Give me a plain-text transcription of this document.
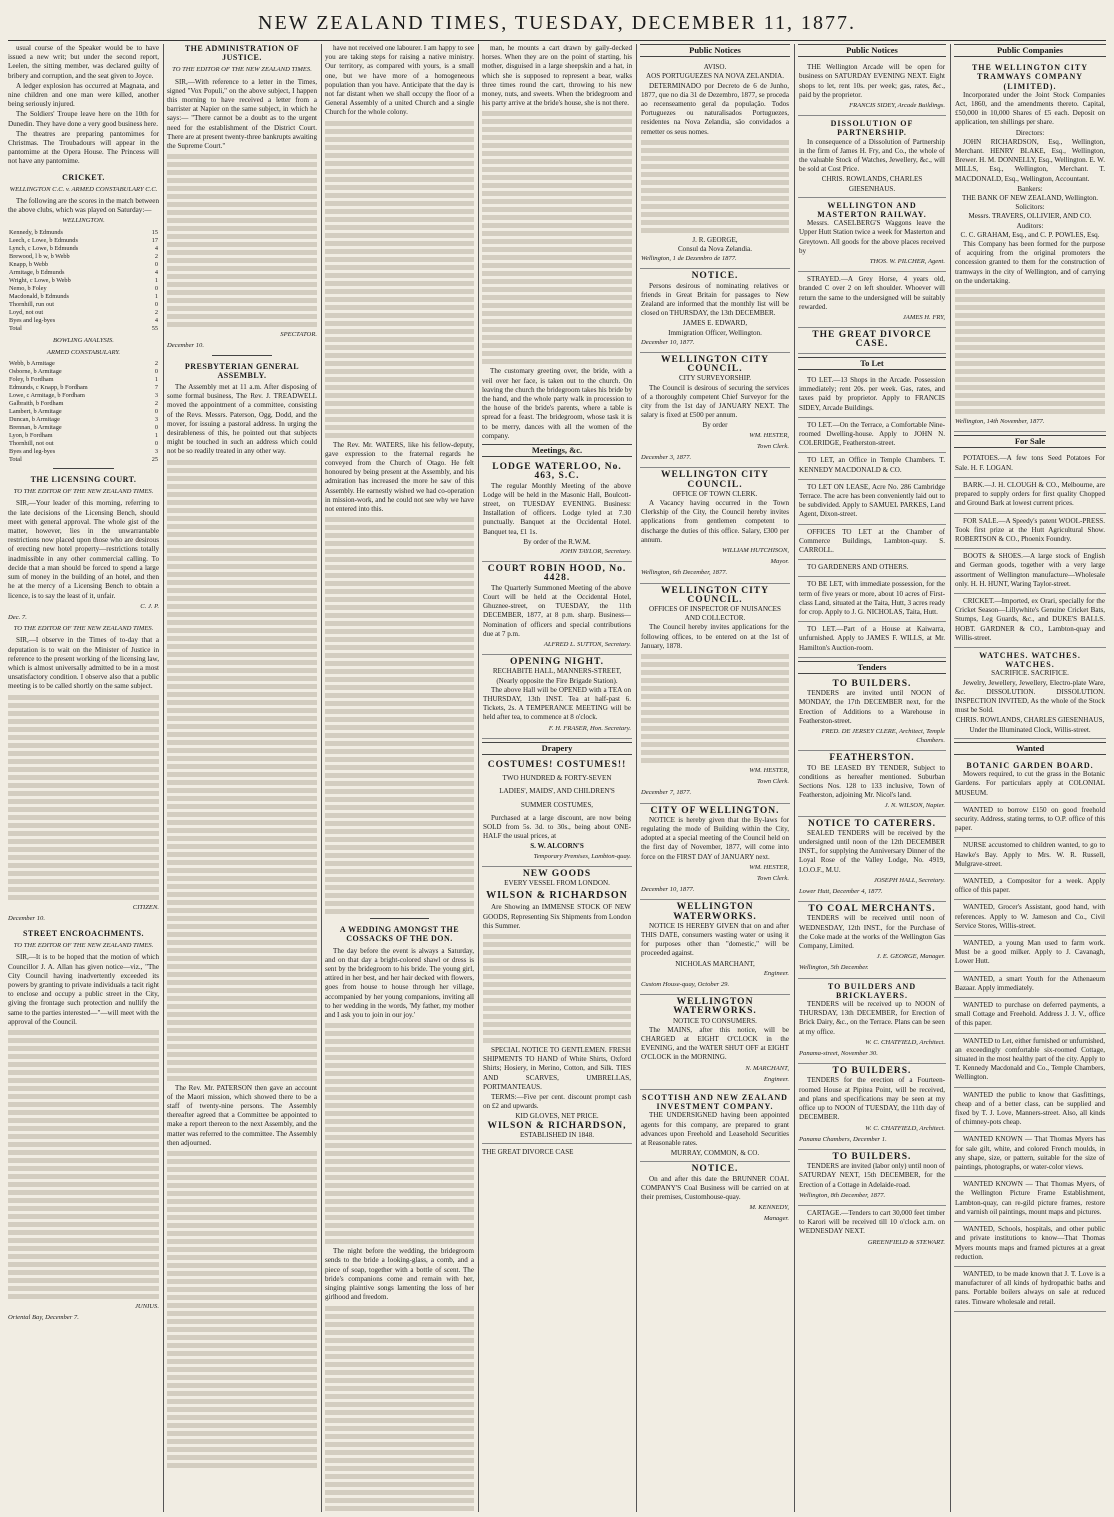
NEW ZEALAND TIMES, TUESDAY, DECEMBER 11, 1877.

usual course of the Speaker would be to have issued a new writ; but under the second report, Leelen, the sitting member, was declared guilty of bribery and corruption, and the seat given to Joyce.

A ledger explosion has occurred at Magnata, and nine children and one man were killed, another being seriously injured.

The Soldiers' Troupe leave here on the 10th for Dunedin. They have done a very good business here.

The theatres are preparing pantomimes for Christmas. The Troubadours will appear in the pantomime at the Opera House. The Princess will not have any pantomime.

CRICKET.
WELLINGTON C.C. v. ARMED CONSTABULARY C.C.

The following are the scores in the match between the above clubs, which was played on Saturday:—

WELLINGTON.
Kennedy, b Edmunds	15
Leech, c Lowe, b Edmunds	17
Lynch, c Lowe, b Edmunds	4
Brewood, l b w, b Webb	2
Knapp, b Webb	0
Armitage, b Edmunds	4
Wright, c Lowe, b Webb	1
Nemo, b Foley	0
Macdonald, b Edmunds	1
Thornhill, run out	0
Loyd, not out	2
Byes and leg-byes	4
Total	55
BOWLING ANALYSIS.
ARMED CONSTABULARY.
Webb, b Armitage	2
Osborne, b Armitage	0
Foley, b Fordham	1
Edmunds, c Knapp, b Fordham	7
Lowe, c Armitage, b Fordham	3
Galbraith, b Fordham	2
Lambert, b Armitage	0
Duncan, b Armitage	3
Brennan, b Armitage	0
Lyon, b Fordham	1
Thornhill, not out	0
Byes and leg-byes	3
Total	25
THE LICENSING COURT.
TO THE EDITOR OF THE NEW ZEALAND TIMES.

SIR,—Your leader of this morning, referring to the late decisions of the Licensing Bench, should meet with general approval. The whole gist of the matter, however, lies in the unwarrantable restrictions now placed upon those who are desirous of erecting new hotel property—restrictions totally inadmissible in any other commercial calling. To decide that a man should be forced to spend a large sum of money in the building of an hotel, and then he at the mercy of a Licensing Bench to obtain a licence, is to say the least of it, unfair.

C. J. P.
Dec. 7.
TO THE EDITOR OF THE NEW ZEALAND TIMES.

SIR,—I observe in the Times of to-day that a deputation is to wait on the Minister of Justice in reference to the present working of the licensing law, which is almost universally admitted to be in a most unsatisfactory condition. I observe also that a public meeting is to be called shortly on the same subject.

CITIZEN.
December 10.
STREET ENCROACHMENTS.
TO THE EDITOR OF THE NEW ZEALAND TIMES.

SIR,—It is to be hoped that the motion of which Councillor J. A. Allan has given notice—viz., "The City Council having inadvertently exceeded its powers by granting to private individuals a tacit right to enclose and occupy a public street in the City, giving the frontage such protection and nullify the same to the parties interested—"—will meet with the approval of the Council.

JUNIUS.
Oriental Bay, December 7.
THE ADMINISTRATION OF JUSTICE.
TO THE EDITOR OF THE NEW ZEALAND TIMES.

SIR,—With reference to a letter in the Times, signed "Vox Populi," on the above subject, I happen this morning to have received a letter from a barrister at Napier on the same subject, in which he says:— "There cannot be a doubt as to the urgent need for the establishment of the District Court. There are at present twenty-three bankrupts awaiting the Supreme Court."

SPECTATOR.
December 10.
PRESBYTERIAN GENERAL ASSEMBLY.

The Assembly met at 11 a.m. After disposing of some formal business, The Rev. J. TREADWELL moved the appointment of a committee, consisting of the Revs. Messrs. Paterson, Ogg, Dodd, and the mover, for issuing a pastoral address. In urging the desirableness of this, he pointed out that subjects might be touched in such an address which could not be so readily treated in any other way.

The Rev. Mr. PATERSON then gave an account of the Maori mission, which showed there to be a staff of twenty-nine persons. The Assembly thereafter agreed that a Committee be appointed to make a report thereon to the next Assembly, and the matter was referred to the committee. The Assembly then adjourned.

have not received one labourer. I am happy to see you are taking steps for raising a native ministry. Our territory, as compared with yours, is a small one, but we have more of a homogeneous population than you have. Anticipate that the day is not far distant when we shall occupy the floor of a General Assembly of a united Church and a single Church for the whole colony.

The Rev. Mr. WATERS, like his fellow-deputy, gave expression to the fraternal regards he conveyed from the Church of Otago. He felt honoured by being present at the Assembly, and his admiration has increased the more he saw of this Assembly. He earnestly wished we had co-operation in mission-work, and he could not see why we have not entered into this.

A WEDDING AMONGST THE COSSACKS OF THE DON.

The day before the event is always a Saturday, and on that day a bright-colored shawl or dress is sent by the bridegroom to his bride. The young girl, attired in her best, and her hair decked with flowers, goes from house to house through her village, accompanied by her young companions, inviting all to her wedding in the words, 'My father, my mother and I ask you to join in our joy.'

The night before the wedding, the bridegroom sends to the bride a looking-glass, a comb, and a piece of soap, together with a bottle of scent. The bride's companions come and remain with her, singing plaintive songs lamenting the loss of her girlhood and freedom.

man, he mounts a cart drawn by gaily-decked horses. When they are on the point of starting, his mother, disguised in a large sheepskin and a hat, in which she is supposed to represent a bear, walks three times round the cart, throwing to his new money, nuts, and sweets. When the bridegroom and his party arrive at the bride's house, she is not there.

The customary greeting over, the bride, with a veil over her face, is taken out to the church. On leaving the church the bridegroom takes his bride by the hand, and the whole party walk in procession to the house of the bride's parents, where a table is spread for a feast. The bridegroom, whose task it is to be merry, dances with all the women of the company.

Meetings, &c.
LODGE WATERLOO, No. 463, S.C.

The regular Monthly Meeting of the above Lodge will be held in the Masonic Hall, Boulcott-street, on TUESDAY EVENING. Business: Installation of officers. Lodge tyled at 7.30 punctually. Banquet at the Occidental Hotel. Banquet tea, £1 1s.

By order of the R.W.M.
JOHN TAYLOR, Secretary.
COURT ROBIN HOOD, No. 4428.

The Quarterly Summoned Meeting of the above Court will be held at the Occidental Hotel, Ghuznee-street, on TUESDAY, the 11th DECEMBER, 1877, at 8 p.m. sharp. Business—Nomination of officers and special contributions due at 7 p.m.

ALFRED L. SUTTON, Secretary.
OPENING NIGHT.
RECHABITE HALL, MANNERS-STREET,
(Nearly opposite the Fire Brigade Station).

The above Hall will be OPENED with a TEA on THURSDAY, 13th INST. Tea at half-past 6. Tickets, 2s. A TEMPERANCE MEETING will be held after tea, to commence at 8 o'clock.

F. H. FRASER, Hon. Secretary.
Drapery
COSTUMES! COSTUMES!!
TWO HUNDRED & FORTY-SEVEN
LADIES', MAIDS', AND CHILDREN'S
SUMMER COSTUMES,

Purchased at a large discount, are now being SOLD from 5s. 3d. to 30s., being about ONE-HALF the usual prices, at

S. W. ALCORN'S
Temporary Premises, Lambton-quay.
NEW GOODS
EVERY VESSEL FROM LONDON.
WILSON & RICHARDSON

Are Showing an IMMENSE STOCK OF NEW GOODS, Representing Six Shipments from London this Summer.

SPECIAL NOTICE TO GENTLEMEN. FRESH SHIPMENTS TO HAND of White Shirts, Oxford Shirts; Hosiery, in Merino, Cotton, and Silk. TIES AND SCARVES, UMBRELLAS, PORTMANTEAUS.

TERMS:—Five per cent. discount prompt cash on £2 and upwards.

KID GLOVES, NET PRICE.
WILSON & RICHARDSON,
ESTABLISHED IN 1848.
THE GREAT DIVORCE CASE
Public Notices
AVISO.
AOS PORTUGUEZES NA NOVA ZELANDIA.

DETERMINADO por Decreto de 6 de Junho, 1877, que no dia 31 de Dezembro, 1877, se proceda ao recenseamento geral da população. Todos Portuguezes ou naturalisados Portuguezes, residentes na Nova Zelandia, são convidados a remetter os seus nomes.

J. R. GEORGE,
Consul da Nova Zelandia.
Wellington, 1 de Dezembro de 1877.
NOTICE.

Persons desirous of nominating relatives or friends in Great Britain for passages to New Zealand are informed that the monthly list will be closed on THURSDAY, the 13th DECEMBER.

JAMES E. EDWARD,
Immigration Officer, Wellington.
December 10, 1877.
WELLINGTON CITY COUNCIL.
CITY SURVEYORSHIP.

The Council is desirous of securing the services of a thoroughly competent Chief Surveyor for the city from the 1st day of JANUARY NEXT. The salary is fixed at £500 per annum.

By order
WM. HESTER,
Town Clerk.
December 3, 1877.
WELLINGTON CITY COUNCIL.
OFFICE OF TOWN CLERK.

A Vacancy having occurred in the Town Clerkship of the City, the Council hereby invites applications from gentlemen competent to discharge the duties of this office. Salary, £300 per annum.

WILLIAM HUTCHISON,
Mayor.
Wellington, 6th December, 1877.
WELLINGTON CITY COUNCIL.
OFFICES OF INSPECTOR OF NUISANCES AND COLLECTOR.

The Council hereby invites applications for the following offices, to be entered on at the 1st of January, 1878.

WM. HESTER,
Town Clerk.
December 7, 1877.
CITY OF WELLINGTON.

NOTICE is hereby given that the By-laws for regulating the mode of Building within the City, adopted at a special meeting of the Council held on the first day of November, 1877, will come into force on the FIRST DAY of JANUARY next.

WM. HESTER,
Town Clerk.
December 10, 1877.
WELLINGTON WATERWORKS.

NOTICE IS HEREBY GIVEN that on and after THIS DATE, consumers wasting water or using it for purposes other than "domestic," will be proceeded against.

NICHOLAS MARCHANT,
Engineer.
Custom House-quay, October 29.
WELLINGTON WATERWORKS.
NOTICE TO CONSUMERS.

The MAINS, after this notice, will be CHARGED at EIGHT O'CLOCK in the EVENING, and the WATER SHUT OFF at EIGHT O'CLOCK in the MORNING.

N. MARCHANT,
Engineer.
SCOTTISH AND NEW ZEALAND INVESTMENT COMPANY.

THE UNDERSIGNED having been appointed agents for this company, are prepared to grant advances upon Freehold and Leasehold Securities at Reasonable rates.

MURRAY, COMMON, & CO.
NOTICE.

On and after this date the BRUNNER COAL COMPANY'S Coal Business will be carried on at their premises, Customhouse-quay.

M. KENNEDY,
Manager.
Public Notices

THE Wellington Arcade will be open for business on SATURDAY EVENING NEXT. Eight shops to let, rent 10s. per week; gas, rates, &c., paid by the proprietor.

FRANCIS SIDEY, Arcade Buildings.
DISSOLUTION OF PARTNERSHIP.

In consequence of a Dissolution of Partnership in the firm of James H. Fry, and Co., the whole of the valuable Stock of Watches, Jewellery, &c., will be sold at Cost Price.

CHRIS. ROWLANDS, CHARLES GIESENHAUS.
WELLINGTON AND MASTERTON RAILWAY.

Messrs. CASELBERG'S Waggons leave the Upper Hutt Station twice a week for Masterton and Greytown. All goods for the above places received by

THOS. W. PILCHER, Agent.

STRAYED.—A Grey Horse, 4 years old, branded C over 2 on left shoulder. Whoever will return the same to the undersigned will be suitably rewarded.

JAMES H. FRY,
THE GREAT DIVORCE CASE.
To Let

TO LET.—13 Shops in the Arcade. Possession immediately; rent 20s. per week. Gas, rates, and taxes paid by proprietor. Apply to FRANCIS SIDEY, Arcade Buildings.

TO LET.—On the Terrace, a Comfortable Nine-roomed Dwelling-house. Apply to JOHN N. COLERIDGE, Featherston-street.

TO LET, an Office in Temple Chambers. T. KENNEDY MACDONALD & CO.

TO LET ON LEASE, Acre No. 286 Cambridge Terrace. The acre has been conveniently laid out to be subdivided. Apply to SAMUEL PARKES, Land Agent, Dixon-street.

OFFICES TO LET at the Chamber of Commerce Buildings, Lambton-quay. S. CARROLL.

TO GARDENERS AND OTHERS.

TO BE LET, with immediate possession, for the term of five years or more, about 10 acres of First-class Land, situated at the Taita, Hutt, 3 acres ready for crop. Apply to J. G. NICHOLAS, Taita, Hutt.

TO LET.—Part of a House at Kaiwarra, unfurnished. Apply to JAMES F. WILLS, at Mr. Hamilton's Auction-room.

Tenders
TO BUILDERS.

TENDERS are invited until NOON of MONDAY, the 17th DECEMBER next, for the Erection of Additions to a Warehouse in Featherston-street.

FRED. DE JERSEY CLERE, Architect, Temple Chambers.
FEATHERSTON.

TO BE LEASED BY TENDER, Subject to conditions as hereafter mentioned. Suburban Sections Nos. 128 to 133 inclusive, Town of Featherston, adjoining Mr. Nicol's land.

J. N. WILSON, Napier.
NOTICE TO CATERERS.

SEALED TENDERS will be received by the undersigned until noon of the 12th DECEMBER INST., for supplying the Anniversary Dinner of the Loyal Rose of the Valley Lodge, No. 4919, I.O.O.F., M.U.

JOSEPH HALL, Secretary.
Lower Hutt, December 4, 1877.
TO COAL MERCHANTS.

TENDERS will be received until noon of WEDNESDAY, 12th INST., for the Purchase of the Coke made at the works of the Wellington Gas Company, Limited.

J. E. GEORGE, Manager.
Wellington, 5th December.
TO BUILDERS AND BRICKLAYERS.

TENDERS will be received up to NOON of THURSDAY, 13th DECEMBER, for Erection of Brick Dairy, &c., on the Terrace. Plans can be seen at my office.

W. C. CHATFIELD, Architect.
Panama-street, November 30.
TO BUILDERS.

TENDERS for the erection of a Fourteen-roomed House at Pipitea Point, will be received, and plans and specifications may be seen at my office up to NOON of TUESDAY, the 11th day of DECEMBER.

W. C. CHATFIELD, Architect.
Panama Chambers, December 1.
TO BUILDERS.

TENDERS are invited (labor only) until noon of SATURDAY NEXT, 15th DECEMBER, for the Erection of a Cottage in Adelaide-road.

Wellington, 8th December, 1877.

CARTAGE.—Tenders to cart 30,000 feet timber to Karori will be received till 10 o'clock a.m. on WEDNESDAY NEXT.

GREENFIELD & STEWART.
Public Companies
THE WELLINGTON CITY TRAMWAYS COMPANY (LIMITED).

Incorporated under the Joint Stock Companies Act, 1860, and the amendments thereto. Capital, £50,000 in 10,000 Shares of £5 each. Deposit on application, ten shillings per share.

Directors:

JOHN RICHARDSON, Esq., Wellington, Merchant. HENRY BLAKE, Esq., Wellington, Brewer. H. M. DONNELLY, Esq., Wellington. E. W. MILLS, Esq., Wellington, Merchant. T. MACDONALD, Esq., Wellington, Accountant.

Bankers:
THE BANK OF NEW ZEALAND, Wellington.
Solicitors:
Messrs. TRAVERS, OLLIVIER, AND CO.
Auditors:
C. C. GRAHAM, Esq., and C. P. POWLES, Esq.

This Company has been formed for the purpose of acquiring from the original promoters the concession granted to them for the construction of tramways in the city of Wellington, and of carrying on the undertaking.

Wellington, 14th November, 1877.
For Sale

POTATOES.—A few tons Seed Potatoes For Sale. H. F. LOGAN.

BARK.—J. H. CLOUGH & CO., Melbourne, are prepared to supply orders for first quality Chopped and Ground Bark at lowest current prices.

FOR SALE.—A Speedy's patent WOOL-PRESS. Took first prize at the Hutt Agricultural Show. ROBERTSON & CO., Phoenix Foundry.

BOOTS & SHOES.—A large stock of English and German goods, together with a very large assortment of Wellington manufacture—Wholesale only. H. H. HUNT, Waring Taylor-street.

CRICKET.—Imported, ex Orari, specially for the Cricket Season—Lillywhite's Genuine Cricket Bats, Stumps, Leg Guards, &c., and DUKE'S BALLS. HOBT. GARDNER & CO., Lambton-quay and Willis-street.

WATCHES. WATCHES. WATCHES.
SACRIFICE. SACRIFICE.

Jewelry, Jewellery, Jewellery, Electro-plate Ware, &c. DISSOLUTION. DISSOLUTION. INSPECTION INVITED, As the whole of the Stock must be Sold.

CHRIS. ROWLANDS, CHARLES GIESENHAUS,
Under the Illuminated Clock, Willis-street.
Wanted
BOTANIC GARDEN BOARD.

Mowers required, to cut the grass in the Botanic Gardens. For particulars apply at COLONIAL MUSEUM.

WANTED to borrow £150 on good freehold security. Address, stating terms, to O.P. office of this paper.

NURSE accustomed to children wanted, to go to Hawke's Bay. Apply to Mrs. W. R. Russell, Mulgrave-street.

WANTED, a Compositor for a week. Apply office of this paper.

WANTED, Grocer's Assistant, good hand, with references. Apply to W. Jameson and Co., Civil Service Stores, Willis-street.

WANTED, a young Man used to farm work. Must be a good milker. Apply to J. Cavanagh, Lower Hutt.

WANTED, a smart Youth for the Athenaeum Bazaar. Apply immediately.

WANTED to purchase on deferred payments, a small Cottage and Freehold. Address J. J. V., office of this paper.

WANTED to Let, either furnished or unfurnished, an exceedingly comfortable six-roomed Cottage, situated in the most healthy part of the city. Apply to T. Kennedy Macdonald and Co., Temple Chambers, Wellington.

WANTED the public to know that Gasfittings, cheap and of a better class, can be supplied and fixed by T. J. Love, Manners-street. Also, all kinds of chimney-pots cheap.

WANTED KNOWN — That Thomas Myers has for sale gilt, white, and colored French moulds, in any shape, size, or pattern, suitable for the size of paintings, photographs, or water-color views.

WANTED KNOWN — That Thomas Myers, of the Wellington Picture Frame Establishment, Lambton-quay, can re-gild picture frames, restore and varnish oil paintings, mount maps and pictures.

WANTED, Schools, hospitals, and other public and private institutions to know—That Thomas Myers mounts maps and framed pictures at a great reduction.

WANTED, to be made known that J. T. Love is a manufacturer of all kinds of hydropathic baths and pans. Portable boilers always on sale at reduced rates. Tinware wholesale and retail.
